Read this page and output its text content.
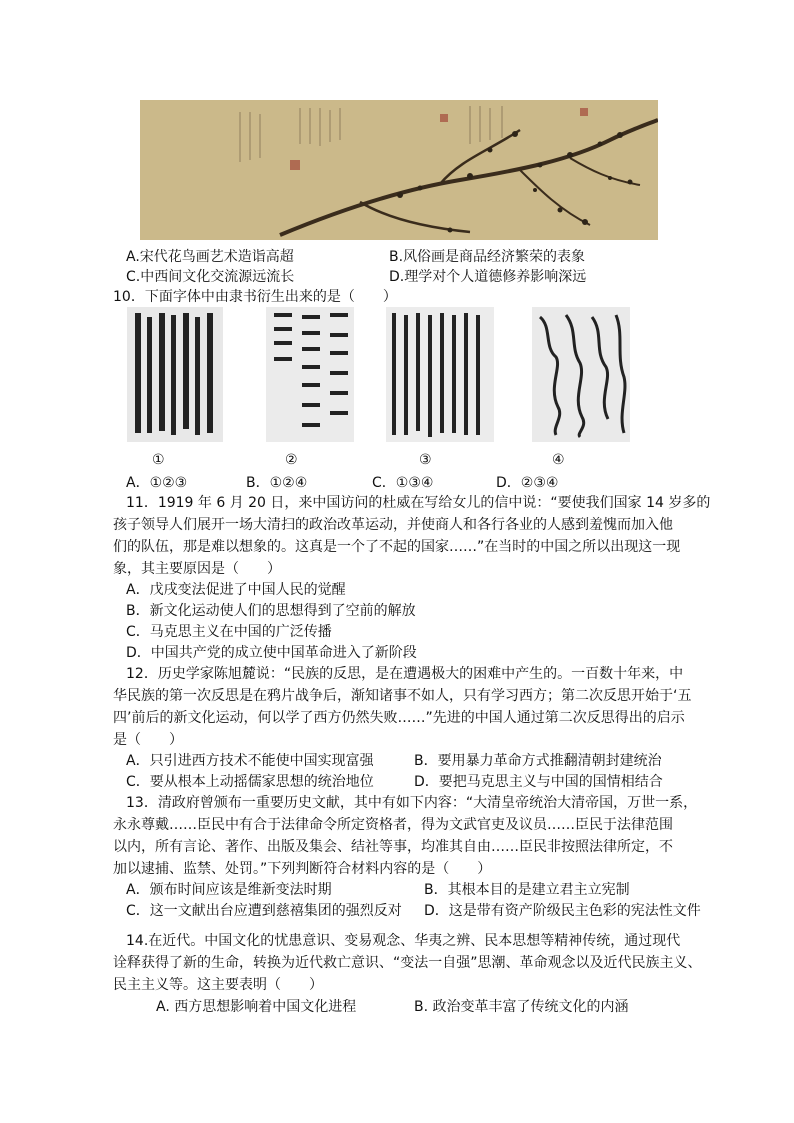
A.宋代花鸟画艺术造诣高超	B.风俗画是商品经济繁荣的表象
C.中西间文化交流源远流长	D.理学对个人道德修养影响深远
10．下面字体中由隶书衍生出来的是（　　）
①	②	③	④
A．①②③	B．①②④	C．①③④	D．②③④
11．1919 年 6 月 20 日，来中国访问的杜威在写给女儿的信中说：“要使我们国家 14 岁多的
孩子领导人们展开一场大清扫的政治改革运动，并使商人和各行各业的人感到羞愧而加入他
们的队伍，那是难以想象的。这真是一个了不起的国家……”在当时的中国之所以出现这一现
象，其主要原因是（　　）
A．戊戌变法促进了中国人民的觉醒
B．新文化运动使人们的思想得到了空前的解放
C．马克思主义在中国的广泛传播
D．中国共产党的成立使中国革命进入了新阶段
12．历史学家陈旭麓说：“民族的反思，是在遭遇极大的困难中产生的。一百数十年来，中
华民族的第一次反思是在鸦片战争后，渐知诸事不如人，只有学习西方；第二次反思开始于‘五
四’前后的新文化运动，何以学了西方仍然失败……”先进的中国人通过第二次反思得出的启示
是（　　）
A．只引进西方技术不能使中国实现富强	B．要用暴力革命方式推翻清朝封建统治
C．要从根本上动摇儒家思想的统治地位	D．要把马克思主义与中国的国情相结合
13．清政府曾颁布一重要历史文献，其中有如下内容：“大清皇帝统治大清帝国，万世一系，
永永尊戴……臣民中有合于法律命令所定资格者，得为文武官吏及议员……臣民于法律范围
以内，所有言论、著作、出版及集会、结社等事，均准其自由……臣民非按照法律所定，不
加以逮捕、监禁、处罚。”下列判断符合材料内容的是（　　）
A．颁布时间应该是维新变法时期	B．其根本目的是建立君主立宪制
C．这一文献出台应遭到慈禧集团的强烈反对 D．这是带有资产阶级民主色彩的宪法性文件
14.在近代。中国文化的忧患意识、变易观念、华夷之辨、民本思想等精神传统，通过现代
诠释获得了新的生命，转换为近代救亡意识、“变法一自强”思潮、革命观念以及近代民族主义、
民主主义等。这主要表明（　　）
A. 西方思想影响着中国文化进程	B. 政治变革丰富了传统文化的内涵
